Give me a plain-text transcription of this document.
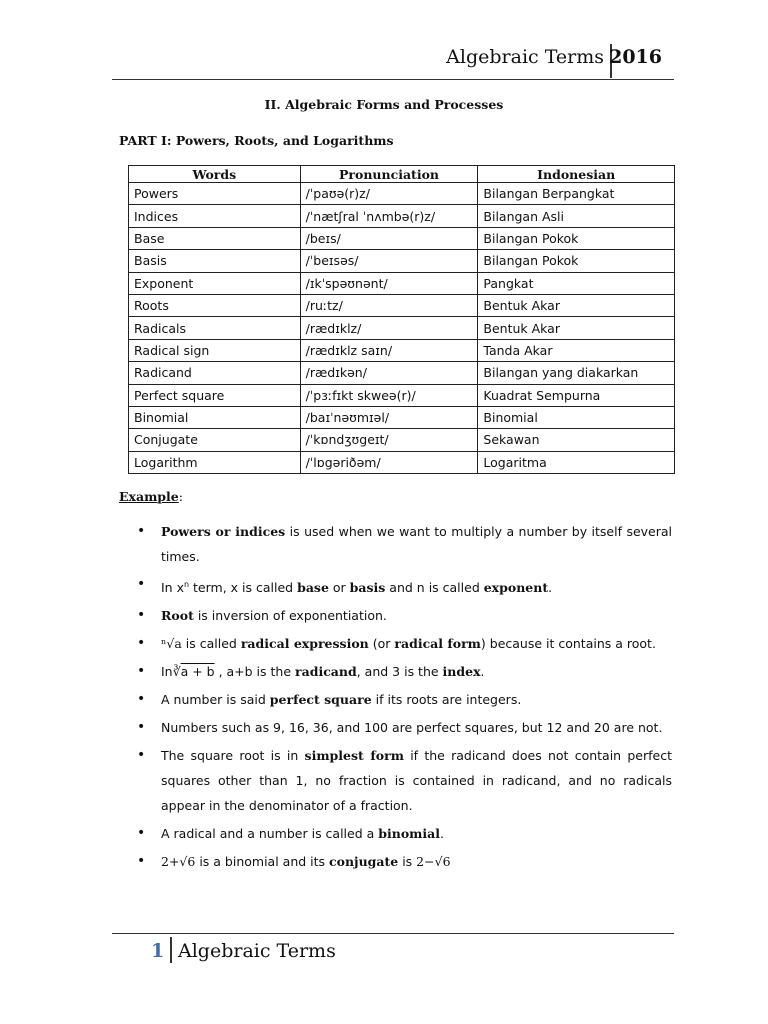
Algebraic Terms 2016
II. Algebraic Forms and Processes
PART I: Powers, Roots, and Logarithms
Words	Pronunciation	Indonesian
Powers	/ˈpaʊə(r)z/	Bilangan Berpangkat
Indices	/ˈnætʃral ˈnʌmbə(r)z/	Bilangan Asli
Base	/beɪs/	Bilangan Pokok
Basis	/ˈbeɪsəs/	Bilangan Pokok
Exponent	/ɪkˈspəʊnənt/	Pangkat
Roots	/ruːtz/	Bentuk Akar
Radicals	/rædɪklz/	Bentuk Akar
Radical sign	/rædɪklz saɪn/	Tanda Akar
Radicand	/rædɪkən/	Bilangan yang diakarkan
Perfect square	/ˈpɜːfɪkt skweə(r)/	Kuadrat Sempurna
Binomial	/baɪˈnəʊmɪəl/	Binomial
Conjugate	/ˈkɒndʒʊgeɪt/	Sekawan
Logarithm	/ˈlɒgəriðəm/	Logaritma
Example:
• Powers or indices is used when we want to multiply a number by itself several times.
• In $x^n$ term, x is called base or basis and n is called exponent.
• Root is inversion of exponentiation.
• ⁿ√a is called radical expression (or radical form) because it contains a root.
• In∛a + b , a+b is the radicand, and 3 is the index.
• A number is said perfect square if its roots are integers.
• Numbers such as 9, 16, 36, and 100 are perfect squares, but 12 and 20 are not.
• The square root is in simplest form if the radicand does not contain perfect squares other than 1, no fraction is contained in radicand, and no radicals appear in the denominator of a fraction.
• A radical and a number is called a binomial.
• 2+√6 is a binomial and its conjugate is 2−√6
1 Algebraic Terms
